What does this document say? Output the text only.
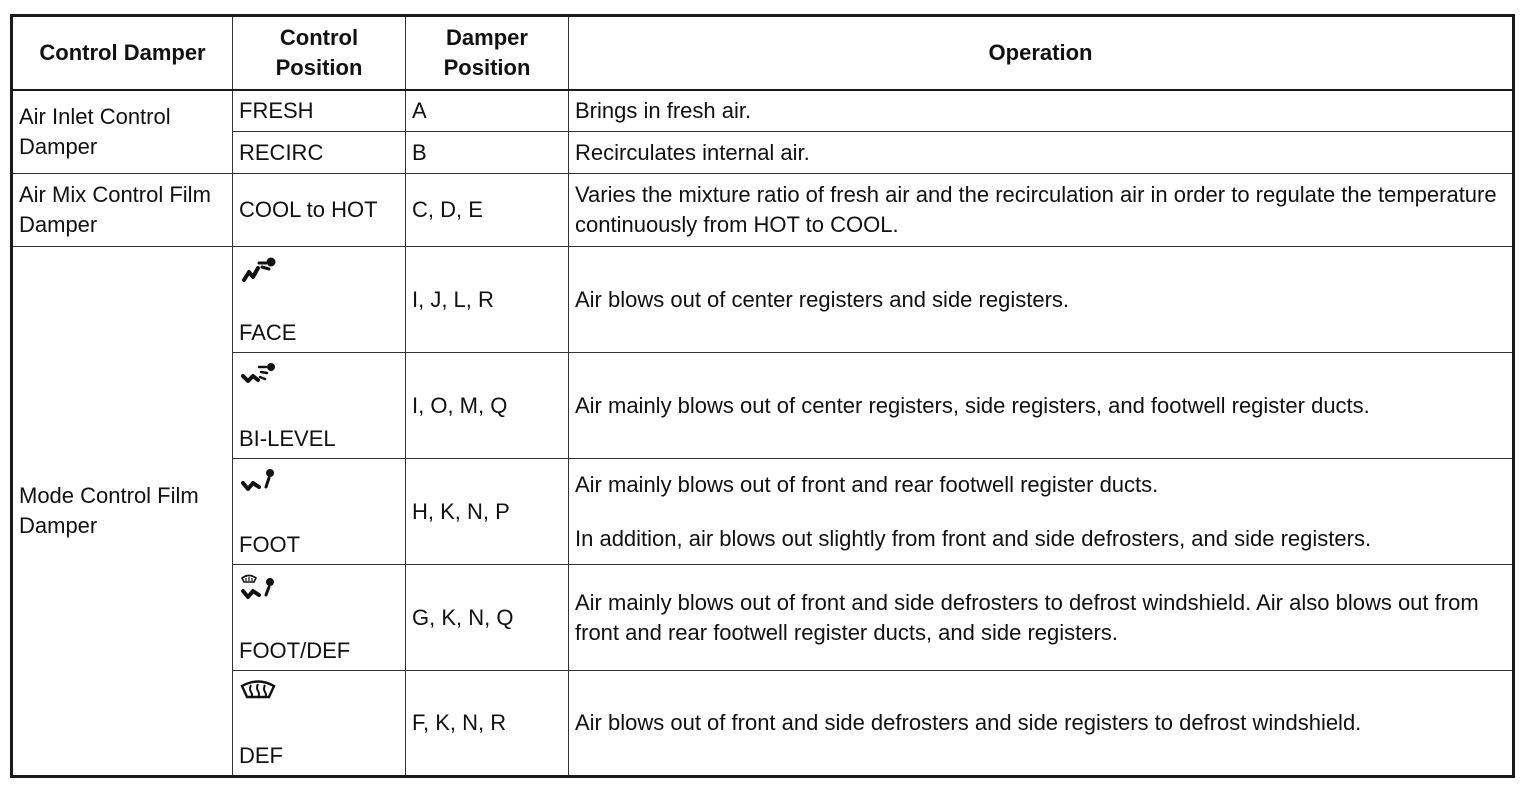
Control Damper	Control Position	Damper Position	Operation
Air Inlet Control Damper	FRESH	A	Brings in fresh air.

	RECIRC	B	Recirculates internal air.

Air Mix Control Film Damper	COOL to HOT	C, D, E	Varies the mixture ratio of fresh air and the recirculation air in order to regulate the temperature continuously from HOT to COOL.

Mode Control Film Damper	FACE	I, J, L, R	Air blows out of center registers and side registers.

	BI-LEVEL	I, O, M, Q	Air mainly blows out of center registers, side registers, and footwell register ducts.

	FOOT	H, K, N, P	Air mainly blows out of front and rear footwell register ducts.
In addition, air blows out slightly from front and side defrosters, and side registers.

	FOOT/DEF	G, K, N, Q	Air mainly blows out of front and side defrosters to defrost windshield. Air also blows out from front and rear footwell register ducts, and side registers.

	DEF	F, K, N, R	Air blows out of front and side defrosters and side registers to defrost windshield.
